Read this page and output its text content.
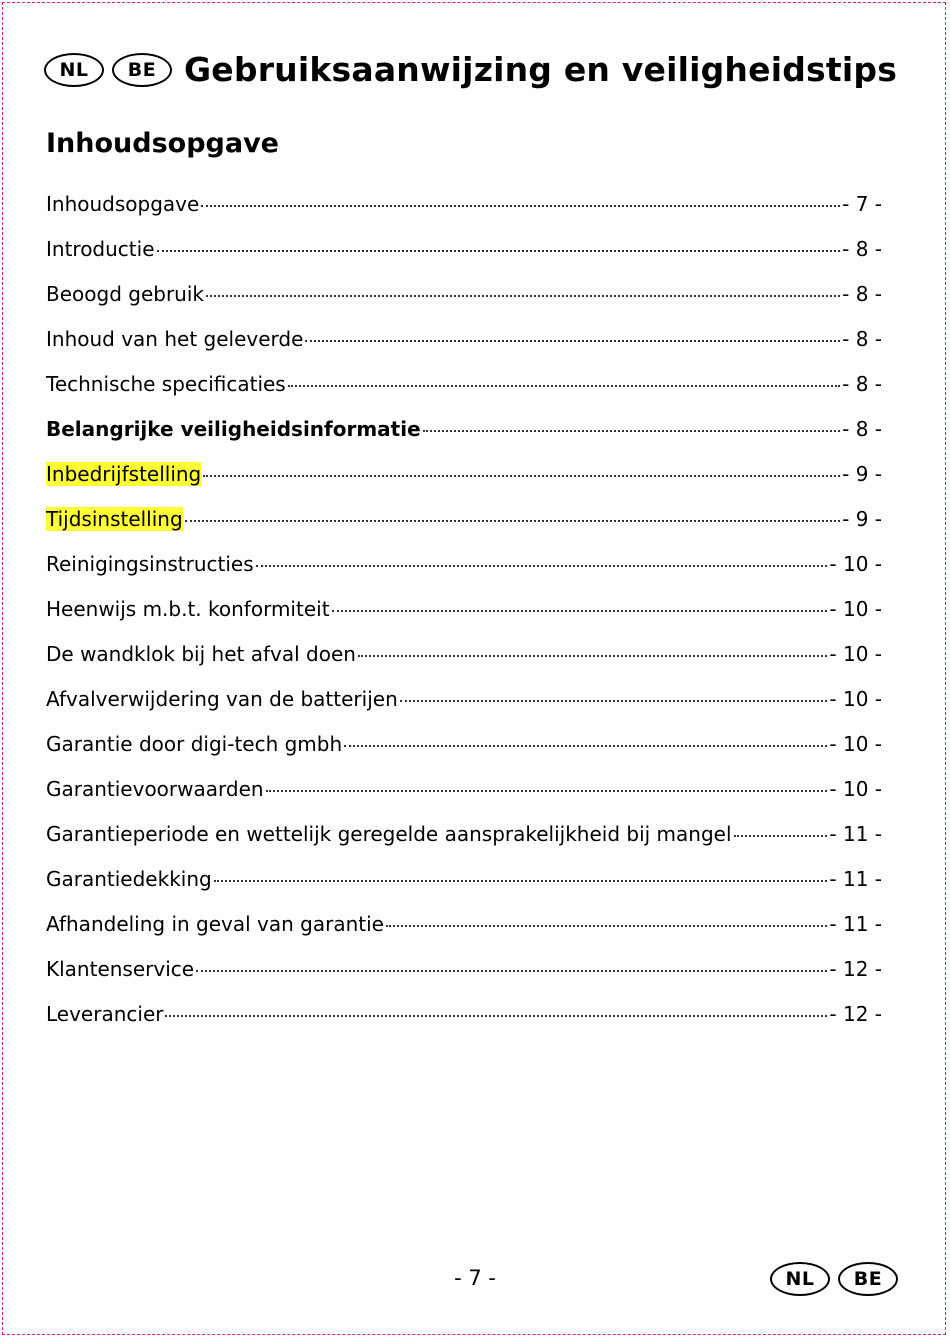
NL	BE Gebruiksaanwijzing en veiligheidstips
Inhoudsopgave
Inhoudsopgave	- 7 -
Introductie	- 8 -
Beoogd gebruik	- 8 -
Inhoud van het geleverde	- 8 -
Technische specificaties	- 8 -
Belangrijke veiligheidsinformatie	- 8 -
Inbedrijfstelling	- 9 -
Tijdsinstelling	- 9 -
Reinigingsinstructies	- 10 -
Heenwijs m.b.t. konformiteit	- 10 -
De wandklok bij het afval doen	- 10 -
Afvalverwijdering van de batterijen	- 10 -
Garantie door digi-tech gmbh	- 10 -
Garantievoorwaarden	- 10 -
Garantieperiode en wettelijk geregelde aansprakelijkheid bij mangel	- 11 -
Garantiedekking	- 11 -
Afhandeling in geval van garantie	- 11 -
Klantenservice	- 12 -
Leverancier	- 12 -
- 7 -	NL	BE
